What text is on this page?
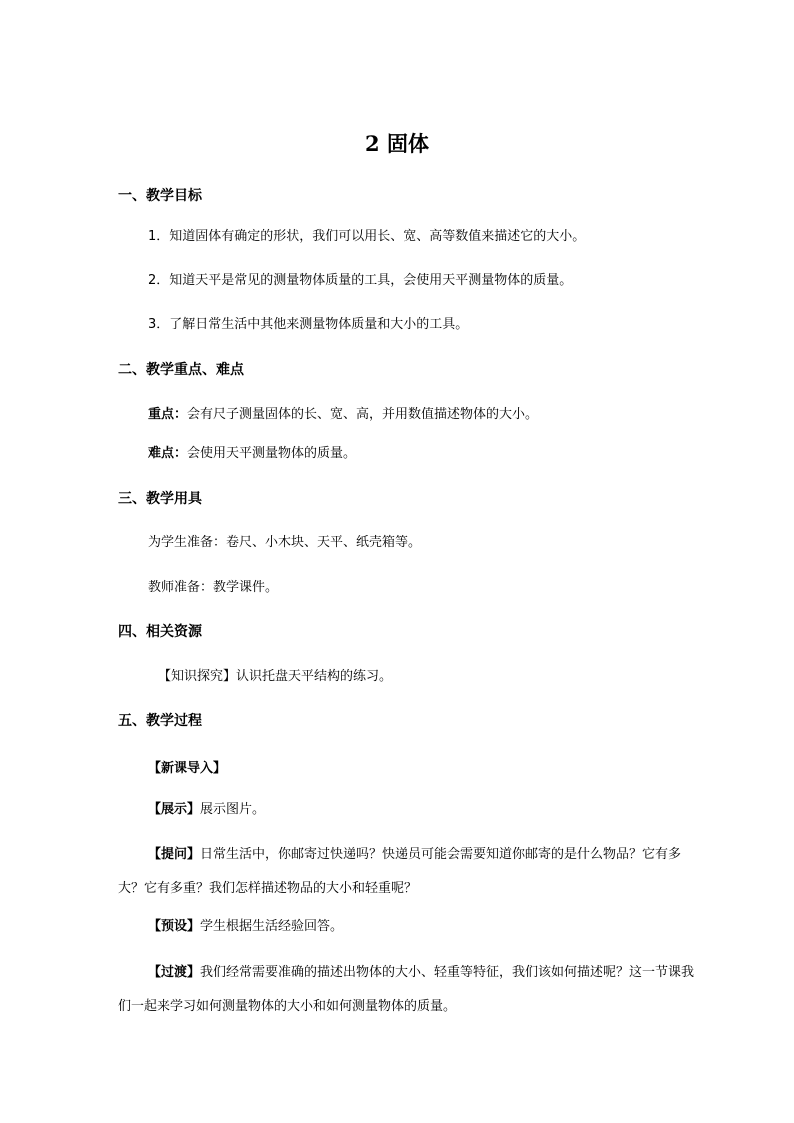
2 固体
一、教学目标
1．知道固体有确定的形状，我们可以用长、宽、高等数值来描述它的大小。
2．知道天平是常见的测量物体质量的工具，会使用天平测量物体的质量。
3．了解日常生活中其他来测量物体质量和大小的工具。
二、教学重点、难点
重点：会有尺子测量固体的长、宽、高，并用数值描述物体的大小。
难点：会使用天平测量物体的质量。
三、教学用具
为学生准备：卷尺、小木块、天平、纸壳箱等。
教师准备：教学课件。
四、相关资源
【知识探究】认识托盘天平结构的练习。
五、教学过程
【新课导入】
【展示】展示图片。
【提问】日常生活中，你邮寄过快递吗？快递员可能会需要知道你邮寄的是什么物品？它有多大？它有多重？我们怎样描述物品的大小和轻重呢？
【预设】学生根据生活经验回答。
【过渡】我们经常需要准确的描述出物体的大小、轻重等特征，我们该如何描述呢？这一节课我们一起来学习如何测量物体的大小和如何测量物体的质量。
